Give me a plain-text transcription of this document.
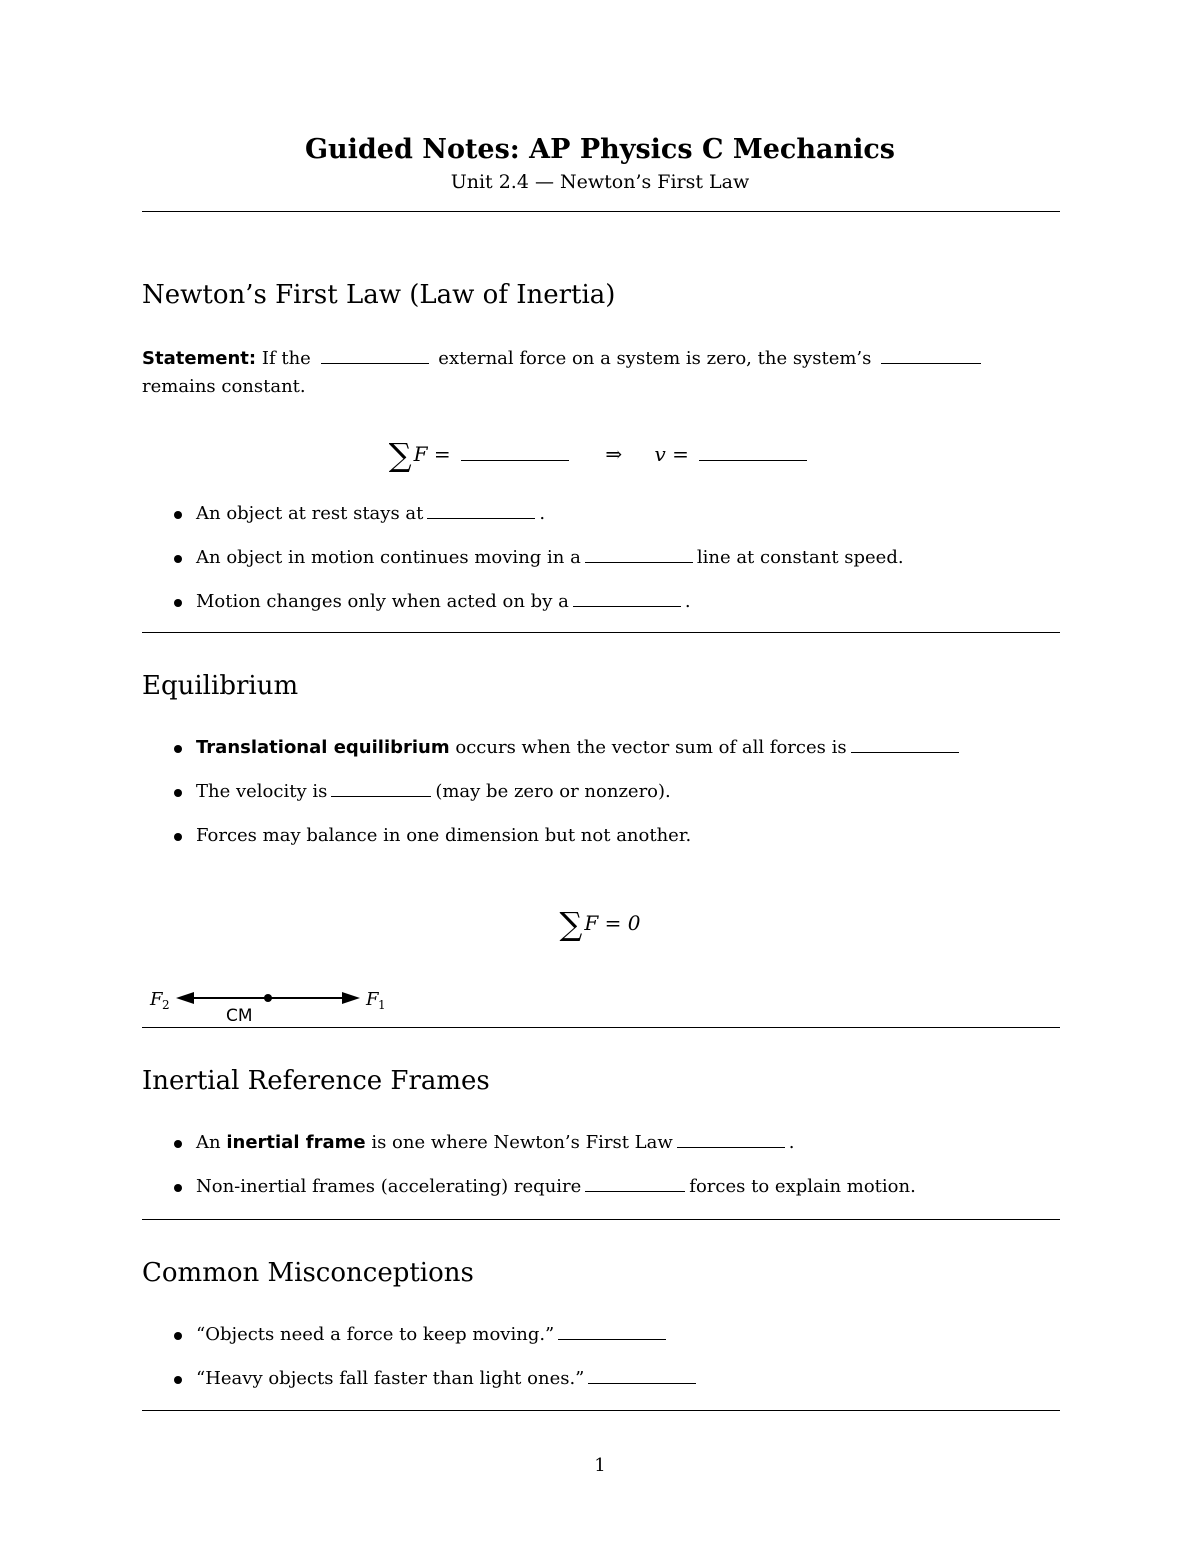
Guided Notes: AP Physics C Mechanics
Unit 2.4 — Newton’s First Law
Newton’s First Law (Law of Inertia)
Statement: If the	external force on a system is zero, the system’s  remains constant.
∑ F =	⇒ v =
An object at rest stays at	.
An object in motion continues moving in a	line at constant speed.
Motion changes only when acted on by a	.
Equilibrium
Translational equilibrium occurs when the vector sum of all forces is
The velocity is	(may be zero or nonzero).
Forces may balance in one dimension but not another.
∑ F = 0
F 2
CM
F 1
Inertial Reference Frames
An inertial frame is one where Newton’s First Law	.
Non-inertial frames (accelerating) require	forces to explain motion.
Common Misconceptions
“Objects need a force to keep moving.”
“Heavy objects fall faster than light ones.”
1
